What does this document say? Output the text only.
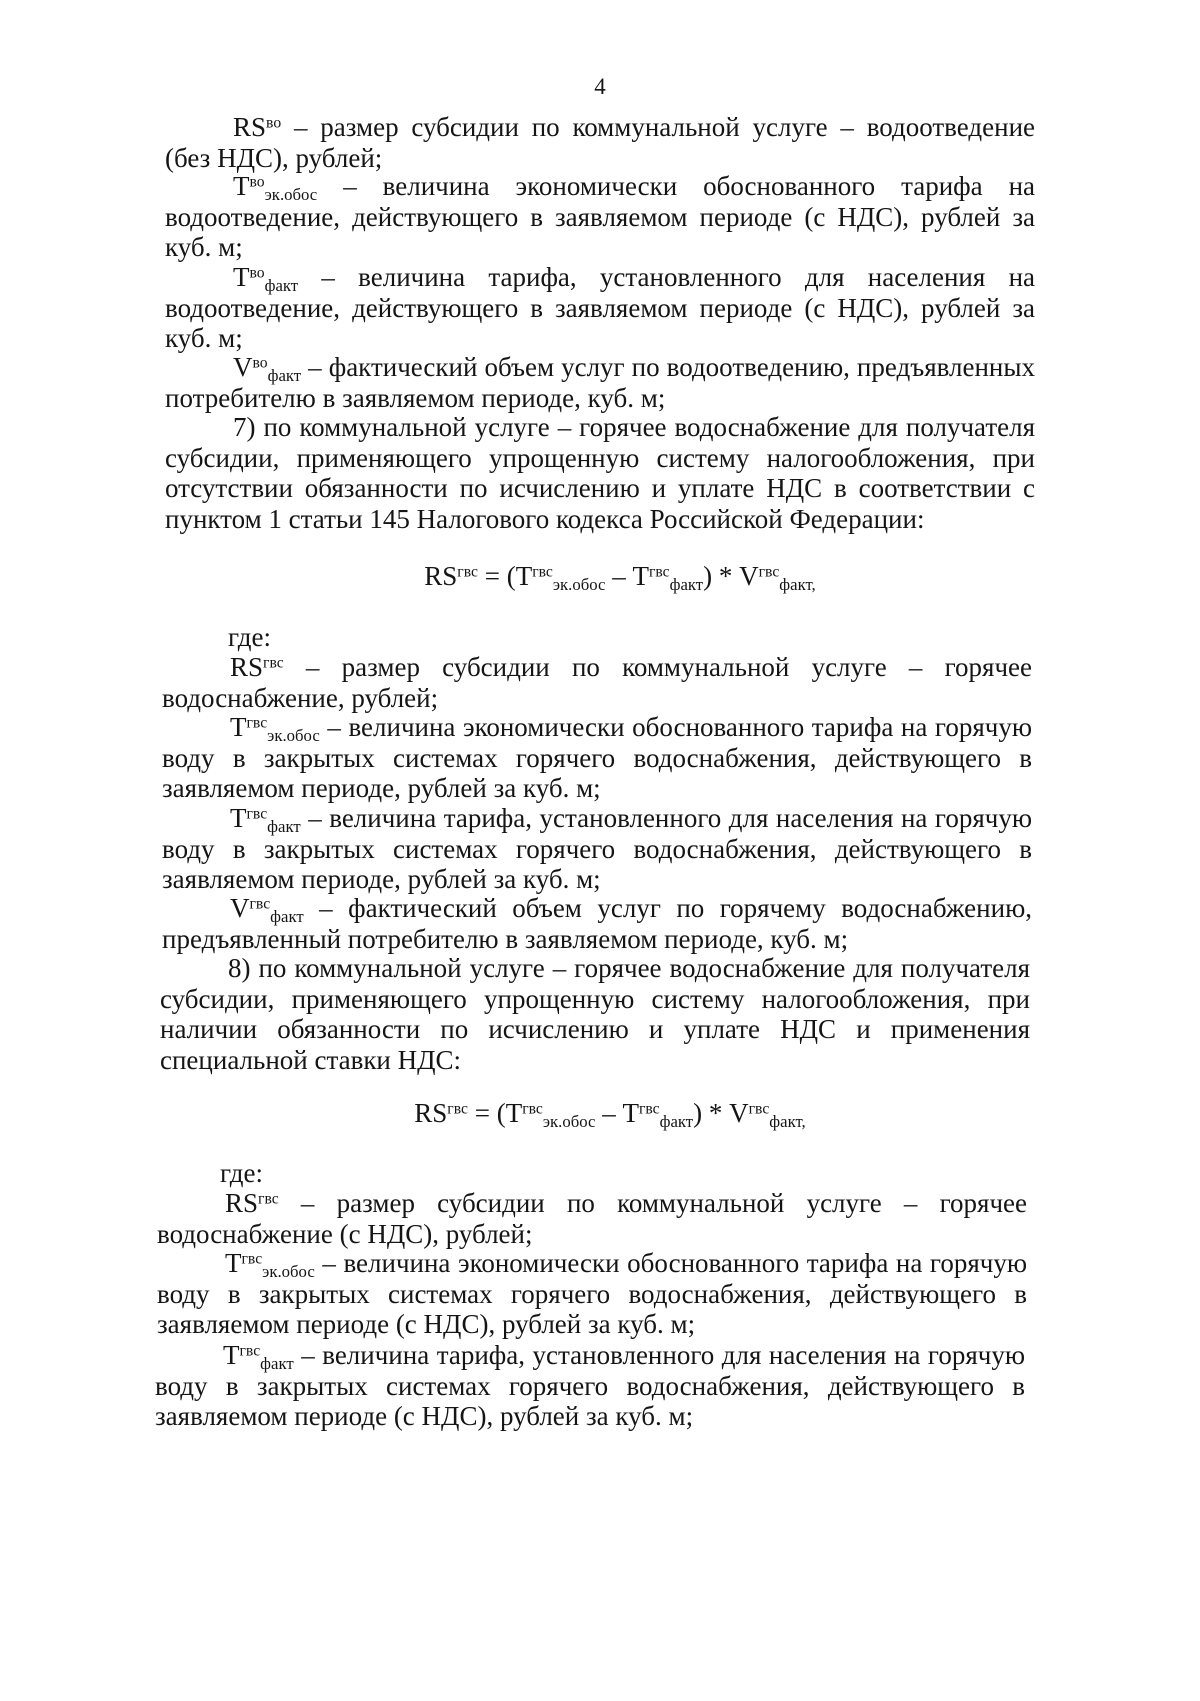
4
$RS^{во}$ – размер субсидии по коммунальной услуге – водоотведение (без НДС), рублей;
$T^{во}_{эк.обос}$ – величина экономически обоснованного тарифа на водоотведение, действующего в заявляемом периоде (с НДС), рублей за куб. м;
$T^{во}_{факт}$ – величина тарифа, установленного для населения на водоотведение, действующего в заявляемом периоде (с НДС), рублей за куб. м;
$V^{во}_{факт}$ – фактический объем услуг по водоотведению, предъявленных потребителю в заявляемом периоде, куб. м;
7) по коммунальной услуге – горячее водоснабжение для получателя субсидии, применяющего упрощенную систему налогообложения, при отсутствии обязанности по исчислению и уплате НДС в соответствии с пунктом 1 статьи 145 Налогового кодекса Российской Федерации:
$RS^{гвс} = (T^{гвс}_{эк.обос} - T^{гвс}_{факт}) * V^{гвс}_{факт,}$
где:
$RS^{гвс}$ – размер субсидии по коммунальной услуге – горячее водоснабжение, рублей;
$T^{гвс}_{эк.обос}$ – величина экономически обоснованного тарифа на горячую воду в закрытых системах горячего водоснабжения, действующего в заявляемом периоде, рублей за куб. м;
$T^{гвс}_{факт}$ – величина тарифа, установленного для населения на горячую воду в закрытых системах горячего водоснабжения, действующего в заявляемом периоде, рублей за куб. м;
$V^{гвс}_{факт}$ – фактический объем услуг по горячему водоснабжению, предъявленный потребителю в заявляемом периоде, куб. м;
8) по коммунальной услуге – горячее водоснабжение для получателя субсидии, применяющего упрощенную систему налогообложения, при наличии обязанности по исчислению и уплате НДС и применения специальной ставки НДС:
$RS^{гвс} = (T^{гвс}_{эк.обос} - T^{гвс}_{факт}) * V^{гвс}_{факт,}$
где:
$RS^{гвс}$ – размер субсидии по коммунальной услуге – горячее водоснабжение (с НДС), рублей;
$T^{гвс}_{эк.обос}$ – величина экономически обоснованного тарифа на горячую воду в закрытых системах горячего водоснабжения, действующего в заявляемом периоде (с НДС), рублей за куб. м;
$T^{гвс}_{факт}$ – величина тарифа, установленного для населения на горячую воду в закрытых системах горячего водоснабжения, действующего в заявляемом периоде (с НДС), рублей за куб. м;
